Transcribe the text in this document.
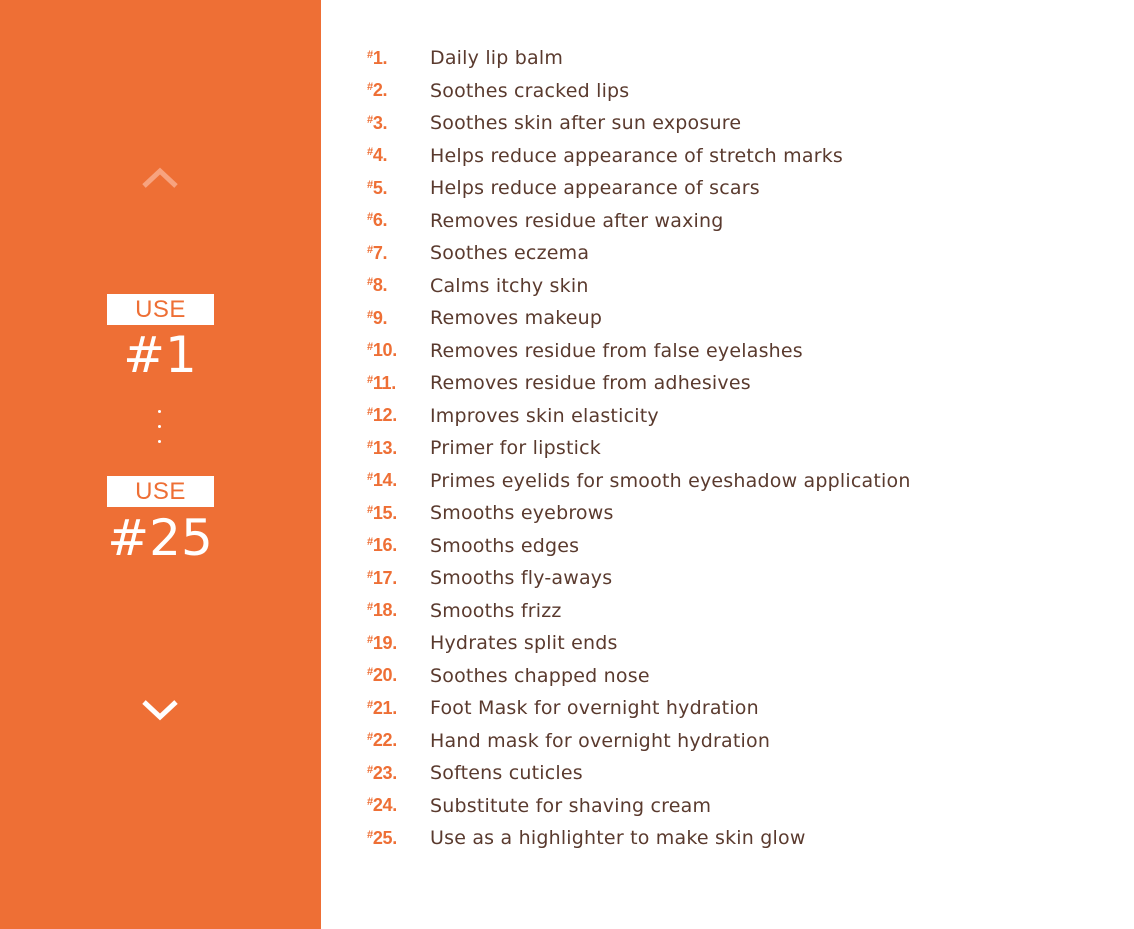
USE
#1
USE
#25
#1.	Daily lip balm
#2.	Soothes cracked lips
#3.	Soothes skin after sun exposure
#4.	Helps reduce appearance of stretch marks
#5.	Helps reduce appearance of scars
#6.	Removes residue after waxing
#7.	Soothes eczema
#8.	Calms itchy skin
#9.	Removes makeup
#10.	Removes residue from false eyelashes
#11.	Removes residue from adhesives
#12.	Improves skin elasticity
#13.	Primer for lipstick
#14.	Primes eyelids for smooth eyeshadow application
#15.	Smooths eyebrows
#16.	Smooths edges
#17.	Smooths fly-aways
#18.	Smooths frizz
#19.	Hydrates split ends
#20.	Soothes chapped nose
#21.	Foot Mask for overnight hydration
#22.	Hand mask for overnight hydration
#23.	Softens cuticles
#24.	Substitute for shaving cream
#25.	Use as a highlighter to make skin glow
